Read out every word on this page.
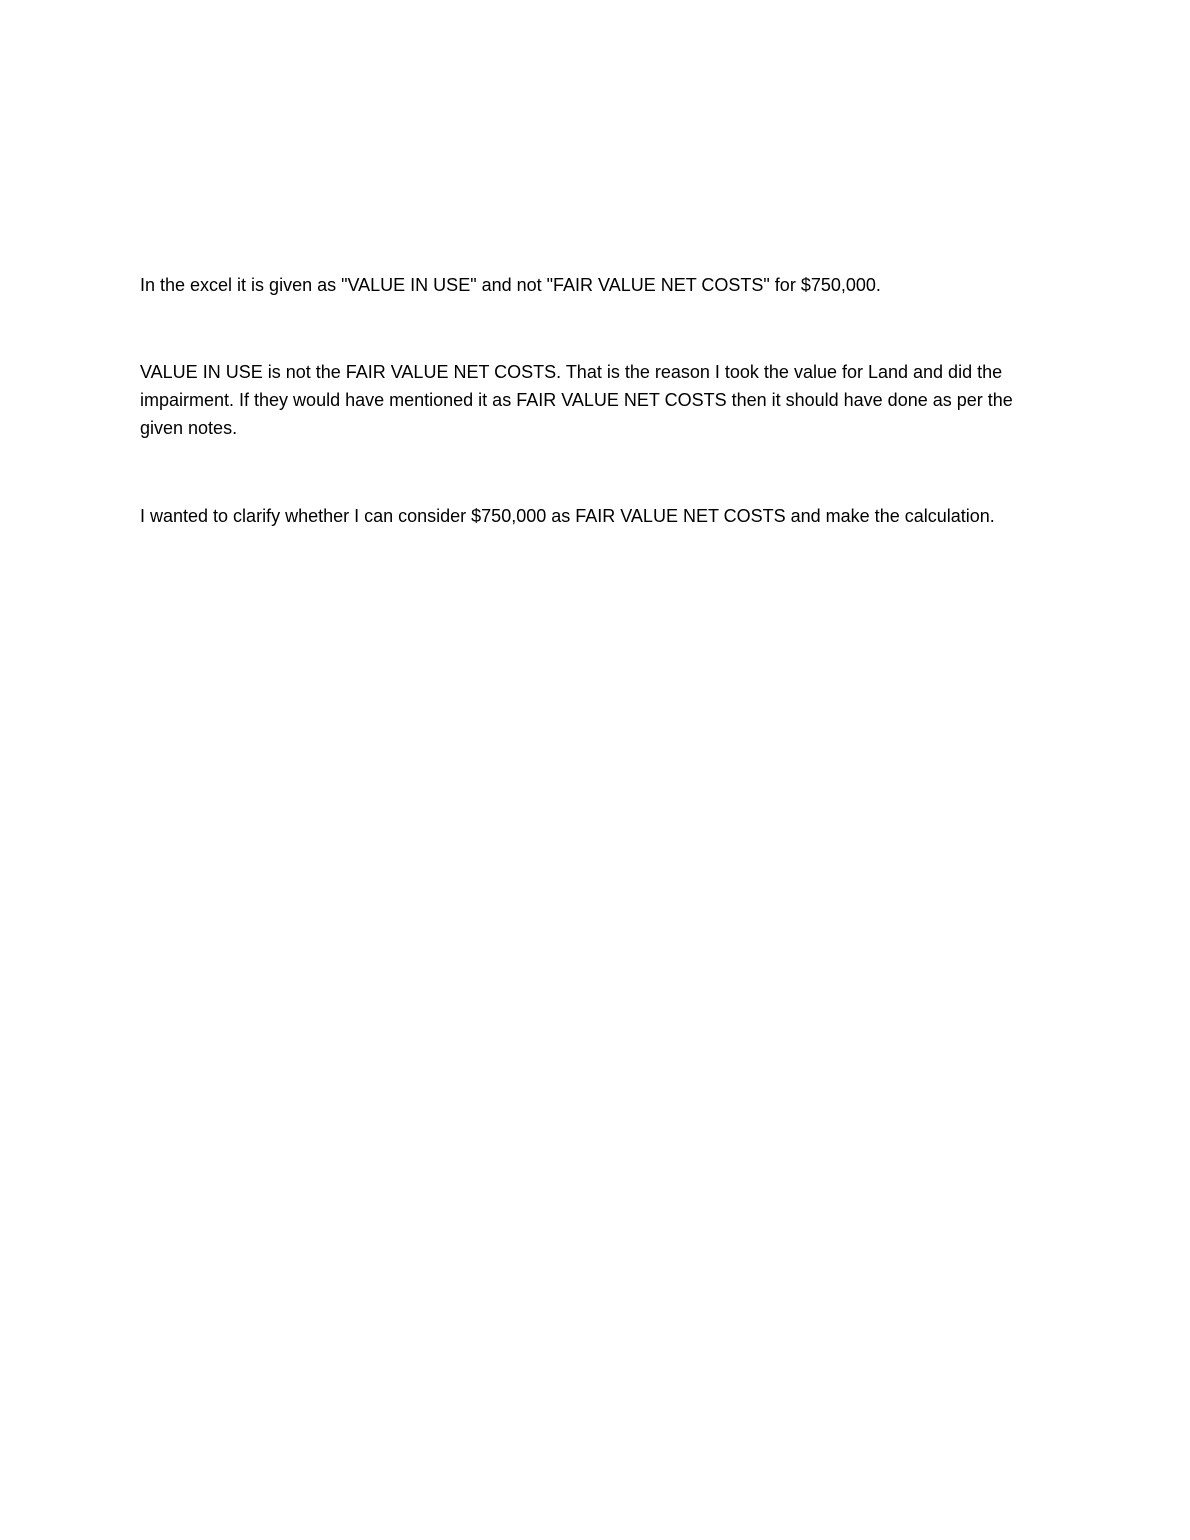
In the excel it is given as "VALUE IN USE" and not "FAIR VALUE NET COSTS" for $750,000.

VALUE IN USE is not the FAIR VALUE NET COSTS. That is the reason I took the value for Land and did the impairment. If they would have mentioned it as FAIR VALUE NET COSTS then it should have done as per the given notes.

I wanted to clarify whether I can consider $750,000 as FAIR VALUE NET COSTS and make the calculation.
